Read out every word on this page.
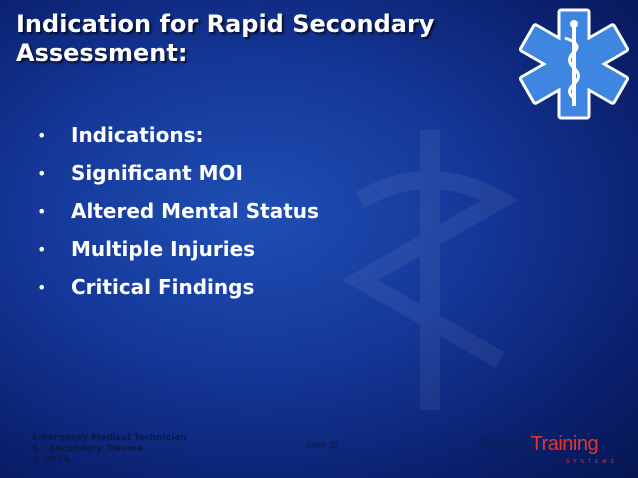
Indication for Rapid Secondary
Assessment:
•	Indications:
•	Significant MOI
•	Altered Mental Status
•	Multiple Injuries
•	Critical Findings
Emergency Medical Technician
6 – Secondary Trauma
© 2014
Slide 38	ActionTraining
SYSTEMS
